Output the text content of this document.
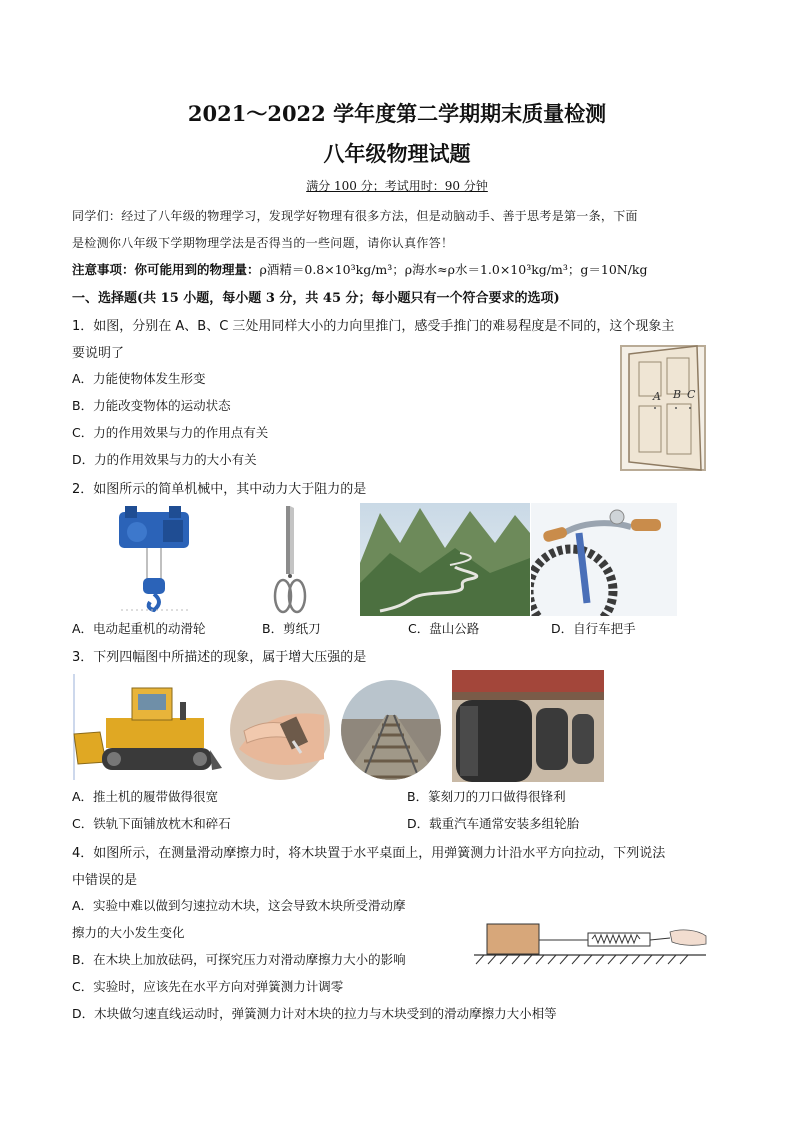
2021～2022 学年度第二学期期末质量检测
八年级物理试题
满分 100 分；考试用时：90 分钟
同学们：经过了八年级的物理学习，发现学好物理有很多方法，但是动脑动手、善于思考是第一条，下面
是检测你八年级下学期物理学法是否得当的一些问题，请你认真作答！
注意事项：你可能用到的物理量：ρ酒精＝0.8×10³kg/m³；ρ海水≈ρ水＝1.0×10³kg/m³；g＝10N/kg
一、选择题(共 15 小题，每小题 3 分，共 45 分；每小题只有一个符合要求的选项)
1．如图，分别在 A、B、C 三处用同样大小的力向里推门，感受手推门的难易程度是不同的，这个现象主
要说明了
A．力能使物体发生形变
B．力能改变物体的运动状态
C．力的作用效果与力的作用点有关
D．力的作用效果与力的大小有关
A B C
2．如图所示的简单机械中，其中动力大于阻力的是
A．电动起重机的动滑轮	B．剪纸刀	C．盘山公路	D．自行车把手
3．下列四幅图中所描述的现象，属于增大压强的是
A．推土机的履带做得很宽	B．篆刻刀的刀口做得很锋利
C．铁轨下面铺放枕木和碎石	D．载重汽车通常安装多组轮胎
4．如图所示，在测量滑动摩擦力时，将木块置于水平桌面上，用弹簧测力计沿水平方向拉动，下列说法
中错误的是
A．实验中难以做到匀速拉动木块，这会导致木块所受滑动摩
擦力的大小发生变化
B．在木块上加放砝码，可探究压力对滑动摩擦力大小的影响
C．实验时，应该先在水平方向对弹簧测力计调零
D．木块做匀速直线运动时，弹簧测力计对木块的拉力与木块受到的滑动摩擦力大小相等
